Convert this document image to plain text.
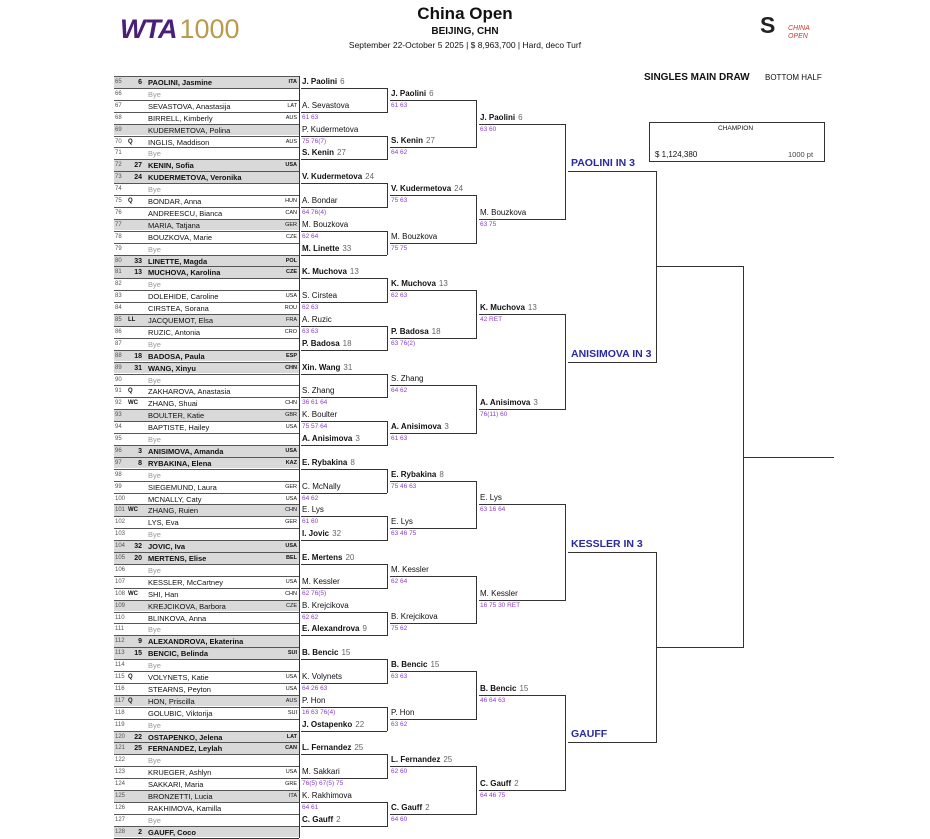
WTA 1000
China Open
BEIJING, CHN
September 22-October 5 2025 | $ 8,963,700 | Hard, deco Turf
S	CHINA
OPEN
SINGLES MAIN DRAW BOTTOM HALF
CHAMPION
$ 1,124,380	1000 pt
65 6 PAOLINI, Jasmine	ITA
66	Bye
67	SEVASTOVA, Anastasija	LAT
68	BIRRELL, Kimberly	AUS
69	KUDERMETOVA, Polina
70 Q INGLIS, Maddison	AUS
71	Bye
72 27 KENIN, Sofia	USA
73 24 KUDERMETOVA, Veronika
74	Bye
75 Q BONDAR, Anna	HUN
76	ANDREESCU, Bianca	CAN
77	MARIA, Tatjana	GER
78	BOUZKOVA, Marie	CZE
79	Bye
80 33 LINETTE, Magda	POL
81 13 MUCHOVA, Karolina	CZE
82	Bye
83	DOLEHIDE, Caroline	USA
84	CIRSTEA, Sorana	ROU
85 LL JACQUEMOT, Elsa	FRA
86	RUZIC, Antonia	CRO
87	Bye
88 18 BADOSA, Paula	ESP
89 31 WANG, Xinyu	CHN
90	Bye
91 Q ZAKHAROVA, Anastasia
92 WC ZHANG, Shuai	CHN
93	BOULTER, Katie	GBR
94	BAPTISTE, Hailey	USA
95	Bye
96 3 ANISIMOVA, Amanda	USA
97 8 RYBAKINA, Elena	KAZ
98	Bye
99	SIEGEMUND, Laura	GER
100	MCNALLY, Caty	USA
101 WC ZHANG, Ruien	CHN
102	LYS, Eva	GER
103	Bye
104 32 JOVIC, Iva	USA
105 20 MERTENS, Elise	BEL
106	Bye
107	KESSLER, McCartney	USA
108 WC SHI, Han	CHN
109	KREJCIKOVA, Barbora	CZE
110	BLINKOVA, Anna
111	Bye
112 9 ALEXANDROVA, Ekaterina
113 15 BENCIC, Belinda	SUI
114	Bye
115 Q VOLYNETS, Katie	USA
116	STEARNS, Peyton	USA
117 Q HON, Priscilla	AUS
118	GOLUBIC, Viktorija	SUI
119	Bye
120 22 OSTAPENKO, Jelena	LAT
121 25 FERNANDEZ, Leylah	CAN
122	Bye
123	KRUEGER, Ashlyn	USA
124	SAKKARI, Maria	GRE
125	BRONZETTI, Lucia	ITA
126	RAKHIMOVA, Kamilla
127	Bye
128 2 GAUFF, Coco
J. Paolini 6
A. Sevastova
61 63
P. Kudermetova
75 76(7)
S. Kenin 27
V. Kudermetova 24
A. Bondar
64 76(4)
M. Bouzkova
62 64
M. Linette 33
K. Muchova 13
S. Cirstea
62 63
A. Ruzic
63 63
P. Badosa 18
Xin. Wang 31
S. Zhang
36 61 64
K. Boulter
75 57 64
A. Anisimova 3
E. Rybakina 8
C. McNally
64 62
E. Lys
61 60
I. Jovic 32
E. Mertens 20
M. Kessler
62 76(5)
B. Krejcikova
62 62
E. Alexandrova 9
B. Bencic 15
K. Volynets
64 26 63
P. Hon
16 63 76(4)
J. Ostapenko 22
L. Fernandez 25
M. Sakkari
76(5) 67(5) 75
K. Rakhimova
64 61
C. Gauff 2
J. Paolini 6
61 63
S. Kenin 27
64 62
V. Kudermetova 24
75 63
M. Bouzkova
75 75
K. Muchova 13
62 63
P. Badosa 18
63 76(2)
S. Zhang
64 62
A. Anisimova 3
61 63
E. Rybakina 8
75 46 63
E. Lys
63 46 75
M. Kessler
62 64
B. Krejcikova
75 62
B. Bencic 15
63 63
P. Hon
63 62
L. Fernandez 25
62 60
C. Gauff 2
64 60
J. Paolini 6
63 60
M. Bouzkova
63 75
K. Muchova 13
42 RET
A. Anisimova 3
76(11) 60
E. Lys
63 16 64
M. Kessler
16 75 30 RET
B. Bencic 15
46 64 63
C. Gauff 2
64 46 75
PAOLINI IN 3
ANISIMOVA IN 3
KESSLER IN 3
GAUFF
